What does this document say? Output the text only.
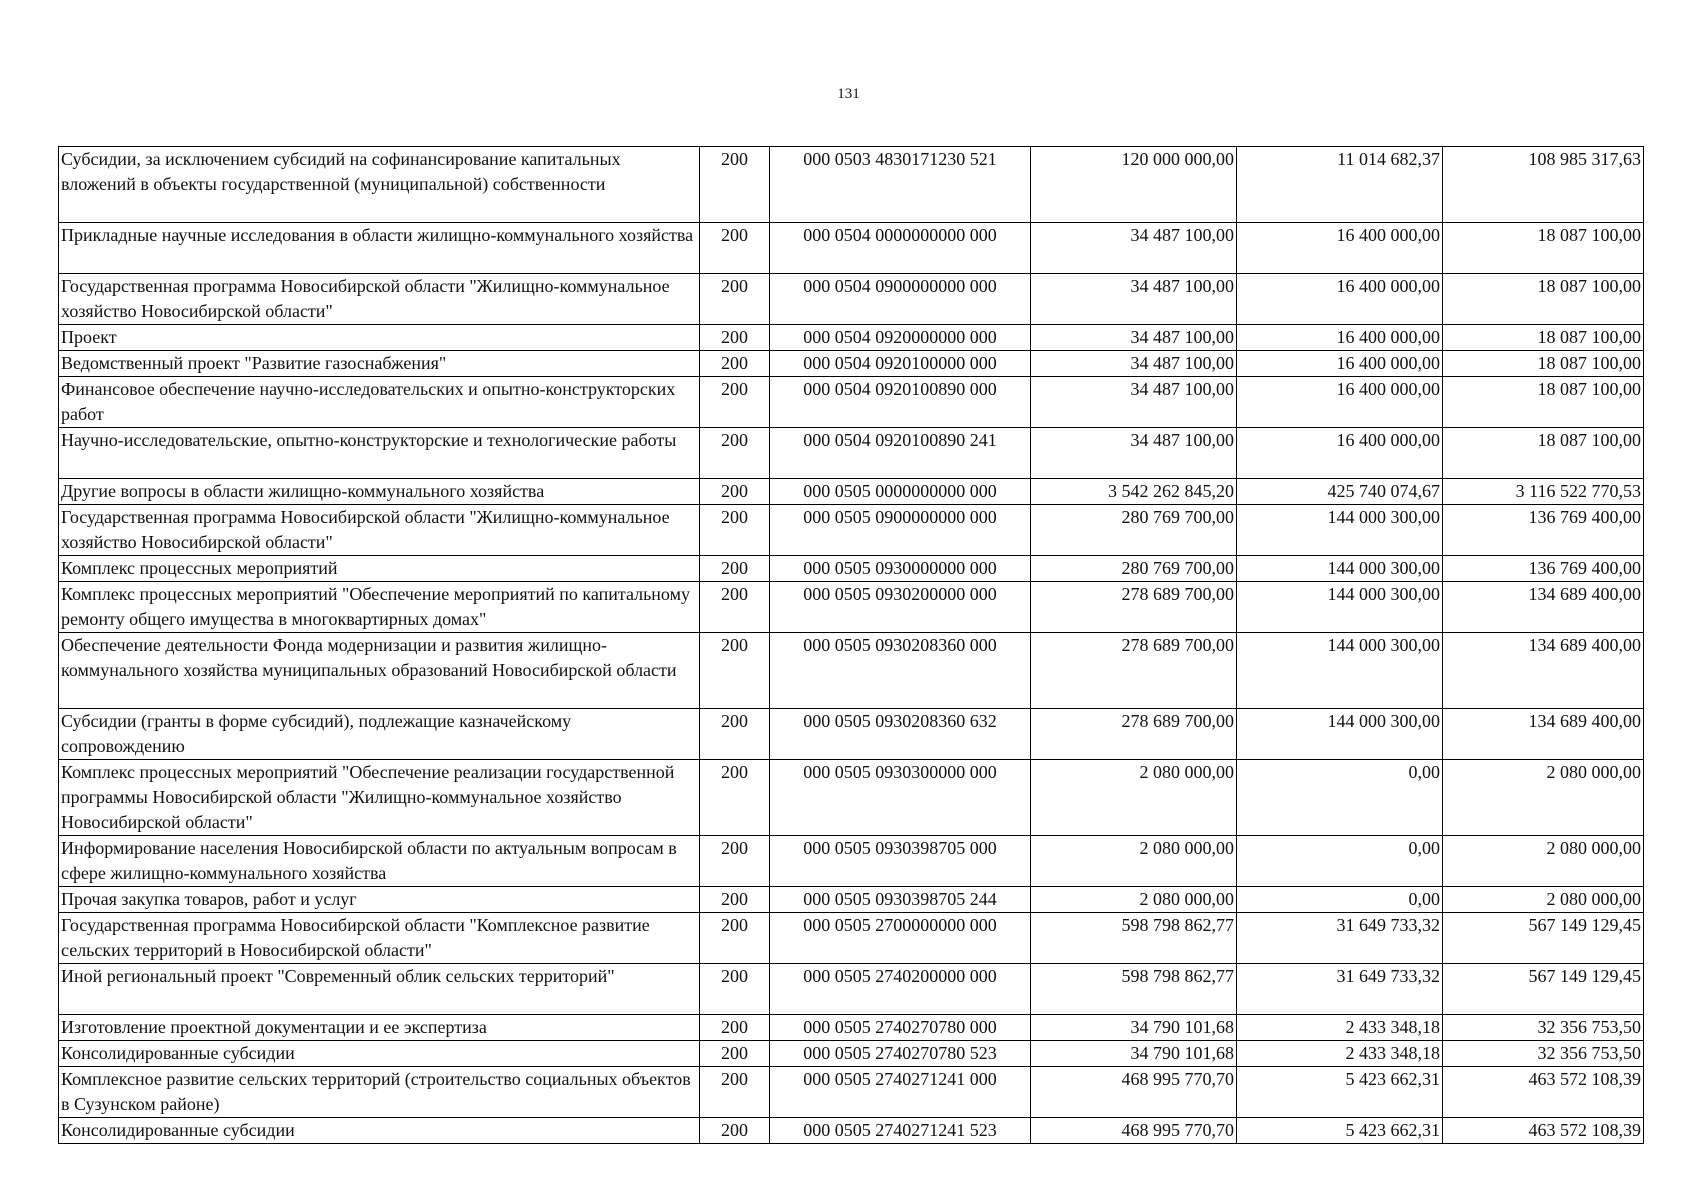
131
Субсидии, за исключением субсидий на софинансирование капитальных вложений в объекты государственной (муниципальной) собственности	200	000 0503 4830171230 521	120 000 000,00	11 014 682,37	108 985 317,63
Прикладные научные исследования в области жилищно-коммунального хозяйства	200	000 0504 0000000000 000	34 487 100,00	16 400 000,00	18 087 100,00
Государственная программа Новосибирской области "Жилищно-коммунальное хозяйство Новосибирской области"	200	000 0504 0900000000 000	34 487 100,00	16 400 000,00	18 087 100,00
Проект	200	000 0504 0920000000 000	34 487 100,00	16 400 000,00	18 087 100,00
Ведомственный проект "Развитие газоснабжения"	200	000 0504 0920100000 000	34 487 100,00	16 400 000,00	18 087 100,00
Финансовое обеспечение научно-исследовательских и опытно-конструкторских работ	200	000 0504 0920100890 000	34 487 100,00	16 400 000,00	18 087 100,00
Научно-исследовательские, опытно-конструкторские и технологические работы	200	000 0504 0920100890 241	34 487 100,00	16 400 000,00	18 087 100,00
Другие вопросы в области жилищно-коммунального хозяйства	200	000 0505 0000000000 000	3 542 262 845,20	425 740 074,67	3 116 522 770,53
Государственная программа Новосибирской области "Жилищно-коммунальное хозяйство Новосибирской области"	200	000 0505 0900000000 000	280 769 700,00	144 000 300,00	136 769 400,00
Комплекс процессных мероприятий	200	000 0505 0930000000 000	280 769 700,00	144 000 300,00	136 769 400,00
Комплекс процессных мероприятий "Обеспечение мероприятий по капитальному ремонту общего имущества в многоквартирных домах"	200	000 0505 0930200000 000	278 689 700,00	144 000 300,00	134 689 400,00
Обеспечение деятельности Фонда модернизации и развития жилищно-коммунального хозяйства муниципальных образований Новосибирской области	200	000 0505 0930208360 000	278 689 700,00	144 000 300,00	134 689 400,00
Субсидии (гранты в форме субсидий), подлежащие казначейскому сопровождению	200	000 0505 0930208360 632	278 689 700,00	144 000 300,00	134 689 400,00
Комплекс процессных мероприятий "Обеспечение реализации государственной программы Новосибирской области "Жилищно-коммунальное хозяйство Новосибирской области"	200	000 0505 0930300000 000	2 080 000,00	0,00	2 080 000,00
Информирование населения Новосибирской области по актуальным вопросам в сфере жилищно-коммунального хозяйства	200	000 0505 0930398705 000	2 080 000,00	0,00	2 080 000,00
Прочая закупка товаров, работ и услуг	200	000 0505 0930398705 244	2 080 000,00	0,00	2 080 000,00
Государственная программа Новосибирской области "Комплексное развитие сельских территорий в Новосибирской области"	200	000 0505 2700000000 000	598 798 862,77	31 649 733,32	567 149 129,45
Иной региональный проект "Современный облик сельских территорий"	200	000 0505 2740200000 000	598 798 862,77	31 649 733,32	567 149 129,45
Изготовление проектной документации и ее экспертиза	200	000 0505 2740270780 000	34 790 101,68	2 433 348,18	32 356 753,50
Консолидированные субсидии	200	000 0505 2740270780 523	34 790 101,68	2 433 348,18	32 356 753,50
Комплексное развитие сельских территорий (строительство социальных объектов в Сузунском районе)	200	000 0505 2740271241 000	468 995 770,70	5 423 662,31	463 572 108,39
Консолидированные субсидии	200	000 0505 2740271241 523	468 995 770,70	5 423 662,31	463 572 108,39
